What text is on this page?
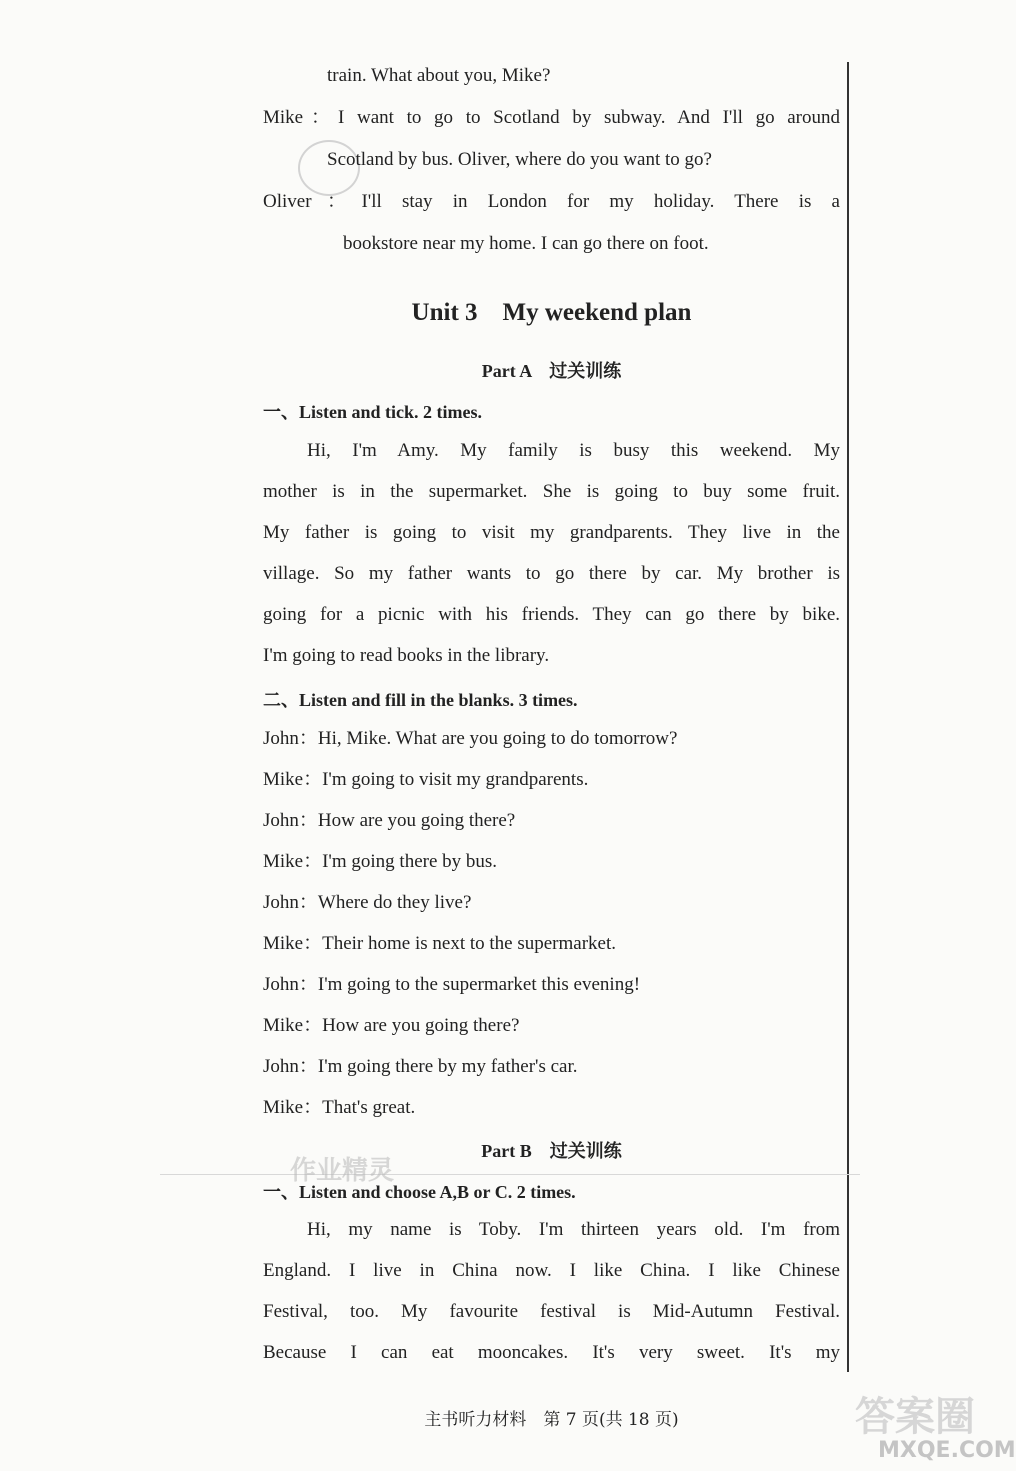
train. What about you, Mike?
Mike：I want to go to Scotland by subway. And I'll go around
Scotland by bus. Oliver, where do you want to go?
Oliver：I'll stay in London for my holiday. There is a
bookstore near my home. I can go there on foot.
Unit 3　My weekend plan
Part A　过关训练
一、Listen and tick. 2 times.
Hi, I'm Amy. My family is busy this weekend. My
mother is in the supermarket. She is going to buy some fruit.
My father is going to visit my grandparents. They live in the
village. So my father wants to go there by car. My brother is
going for a picnic with his friends. They can go there by bike.
I'm going to read books in the library.
二、Listen and fill in the blanks. 3 times.
John：Hi, Mike. What are you going to do tomorrow?
Mike：I'm going to visit my grandparents.
John：How are you going there?
Mike：I'm going there by bus.
John：Where do they live?
Mike：Their home is next to the supermarket.
John：I'm going to the supermarket this evening!
Mike：How are you going there?
John：I'm going there by my father's car.
Mike：That's great.
Part B　过关训练
一、Listen and choose A,B or C. 2 times.
Hi, my name is Toby. I'm thirteen years old. I'm from
England. I live in China now. I like China. I like Chinese
Festival, too. My favourite festival is Mid-Autumn Festival.
Because I can eat mooncakes. It's very sweet. It's my
主书听力材料　第 7 页(共 18 页)
作业精灵
答案圈
MXQE.COM
